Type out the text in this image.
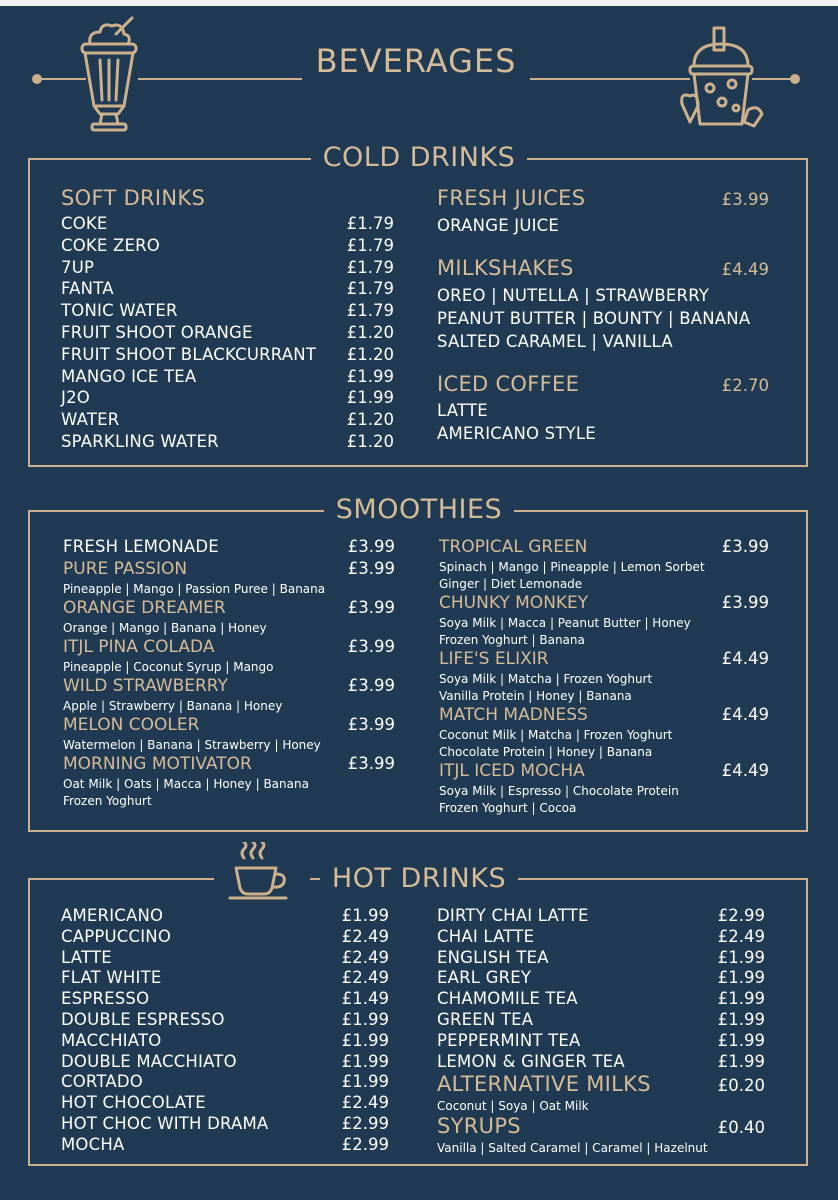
BEVERAGES
COLD DRINKS
SOFT DRINKS
COKE	£1.79
COKE ZERO	£1.79
7UP	£1.79
FANTA	£1.79
TONIC WATER	£1.79
FRUIT SHOOT ORANGE	£1.20
FRUIT SHOOT BLACKCURRANT £1.20
MANGO ICE TEA	£1.99
J2O	£1.99
WATER	£1.20
SPARKLING WATER	£1.20
FRESH JUICES	£3.99
ORANGE JUICE
MILKSHAKES	£4.49
OREO | NUTELLA | STRAWBERRY
PEANUT BUTTER | BOUNTY | BANANA
SALTED CARAMEL | VANILLA
ICED COFFEE	£2.70
LATTE
AMERICANO STYLE
SMOOTHIES
FRESH LEMONADE	£3.99
PURE PASSION	£3.99
Pineapple | Mango | Passion Puree | Banana
ORANGE DREAMER	£3.99
Orange | Mango | Banana | Honey
ITJL PINA COLADA	£3.99
Pineapple | Coconut Syrup | Mango
WILD STRAWBERRY	£3.99
Apple | Strawberry | Banana | Honey
MELON COOLER	£3.99
Watermelon | Banana | Strawberry | Honey
MORNING MOTIVATOR	£3.99
Oat Milk | Oats | Macca | Honey | Banana
Frozen Yoghurt
TROPICAL GREEN	£3.99
Spinach | Mango | Pineapple | Lemon Sorbet
Ginger | Diet Lemonade
CHUNKY MONKEY	£3.99
Soya Milk | Macca | Peanut Butter | Honey
Frozen Yoghurt | Banana
LIFE'S ELIXIR	£4.49
Soya Milk | Matcha | Frozen Yoghurt
Vanilla Protein | Honey | Banana
MATCH MADNESS	£4.49
Coconut Milk | Matcha | Frozen Yoghurt
Chocolate Protein | Honey | Banana
ITJL ICED MOCHA	£4.49
Soya Milk | Espresso | Chocolate Protein
Frozen Yoghurt | Cocoa
HOT DRINKS
AMERICANO	£1.99
CAPPUCCINO	£2.49
LATTE	£2.49
FLAT WHITE	£2.49
ESPRESSO	£1.49
DOUBLE ESPRESSO	£1.99
MACCHIATO	£1.99
DOUBLE MACCHIATO	£1.99
CORTADO	£1.99
HOT CHOCOLATE	£2.49
HOT CHOC WITH DRAMA	£2.99
MOCHA	£2.99
DIRTY CHAI LATTE	£2.99
CHAI LATTE	£2.49
ENGLISH TEA	£1.99
EARL GREY	£1.99
CHAMOMILE TEA	£1.99
GREEN TEA	£1.99
PEPPERMINT TEA	£1.99
LEMON & GINGER TEA	£1.99
ALTERNATIVE MILKS	£0.20
Coconut | Soya | Oat Milk
SYRUPS	£0.40
Vanilla | Salted Caramel | Caramel | Hazelnut
